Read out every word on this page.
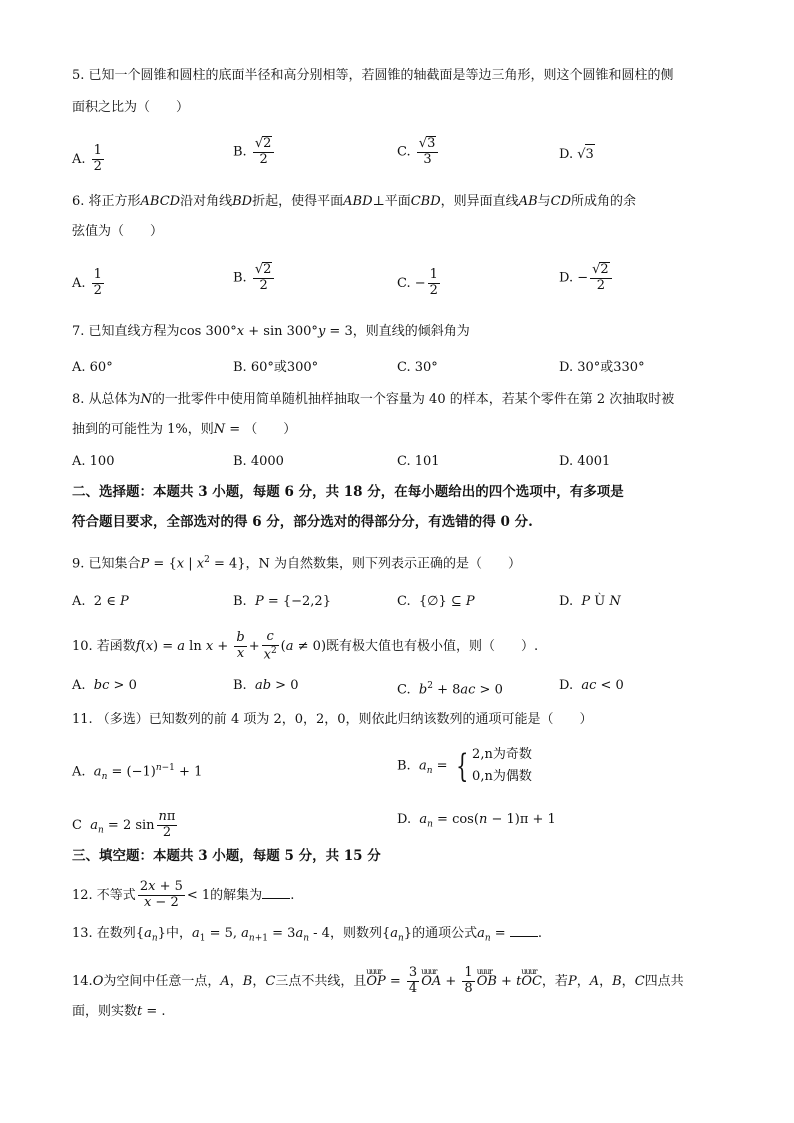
5. 已知一个圆锥和圆柱的底面半径和高分别相等，若圆锥的轴截面是等边三角形，则这个圆锥和圆柱的侧
面积之比为（　　）
A. $\frac{1}{2}$	B. $\frac{√2}{2}$	C. $\frac{√3}{3}$	D. √3
6. 将正方形ABCD沿对角线BD折起，使得平面ABD⊥平面CBD，则异面直线AB与CD所成角的余
弦值为（　　）
A. $\frac{1}{2}$	B. $\frac{√2}{2}$	C. − $\frac{1}{2}$	D. − $\frac{√2}{2}$
7. 已知直线方程为cos 300°x + sin 300°y = 3，则直线的倾斜角为
A. 60°	B. 60°或300°	C. 30°	D. 30°或330°
8. 从总体为N的一批零件中使用简单随机抽样抽取一个容量为 40 的样本，若某个零件在第 2 次抽取时被
抽到的可能性为 1%，则N = （　　）
A. 100	B. 4000	C. 101	D. 4001
二、选择题：本题共 3 小题，每题 6 分，共 18 分，在每小题给出的四个选项中，有多项是
符合题目要求，全部选对的得 6 分，部分选对的得部分分，有选错的得 0 分.
9. 已知集合P = {x | $x^2 = 4$}，N 为自然数集，则下列表示正确的是（　　）
A.  2 ∈ P	B. P = {−2,2}	C.  {∅} ⊆ P	D. P Ù N
10. 若函数f(x) = a $\ln x + \frac{b}{x} + \frac{c}{x^2} (a \ne 0)$既有极大值也有极小值，则（　　）.
A. bc > 0	B. ab > 0	C. $b^2 + 8ac > 0$	D. ac < 0
11. （多选）已知数列的前 4 项为 2，0，2，0，则依此归纳该数列的通项可能是（　　）
A. $a_n = (-1)^{n-1} + 1$	B. $a_n$ = { 2,n为奇数
0,n为偶数
C $a_n = 2$ $\sin \frac{n\pi}{2}$	D. $a_n = \cos(n - 1)\pi + 1$
三、填空题：本题共 3 小题，每题 5 分，共 15 分
12. 不等式 $\frac{2x + 5}{x - 2} < 1$的解集为 .
13. 在数列$\{a_n\}$中，$a_1 = 5$, $a_{n+1} = 3a_n - 4$，则数列$\{a_n\}$的通项公式$a_n$ = .
14.O为空间中任意一点，A，B，C三点不共线，且uuur OP = $\frac{3}{4}$ uuur OA + $\frac{1}{8}$ uuur OB + tuuur OC，若P，A，B，C四点共
面，则实数t = .
